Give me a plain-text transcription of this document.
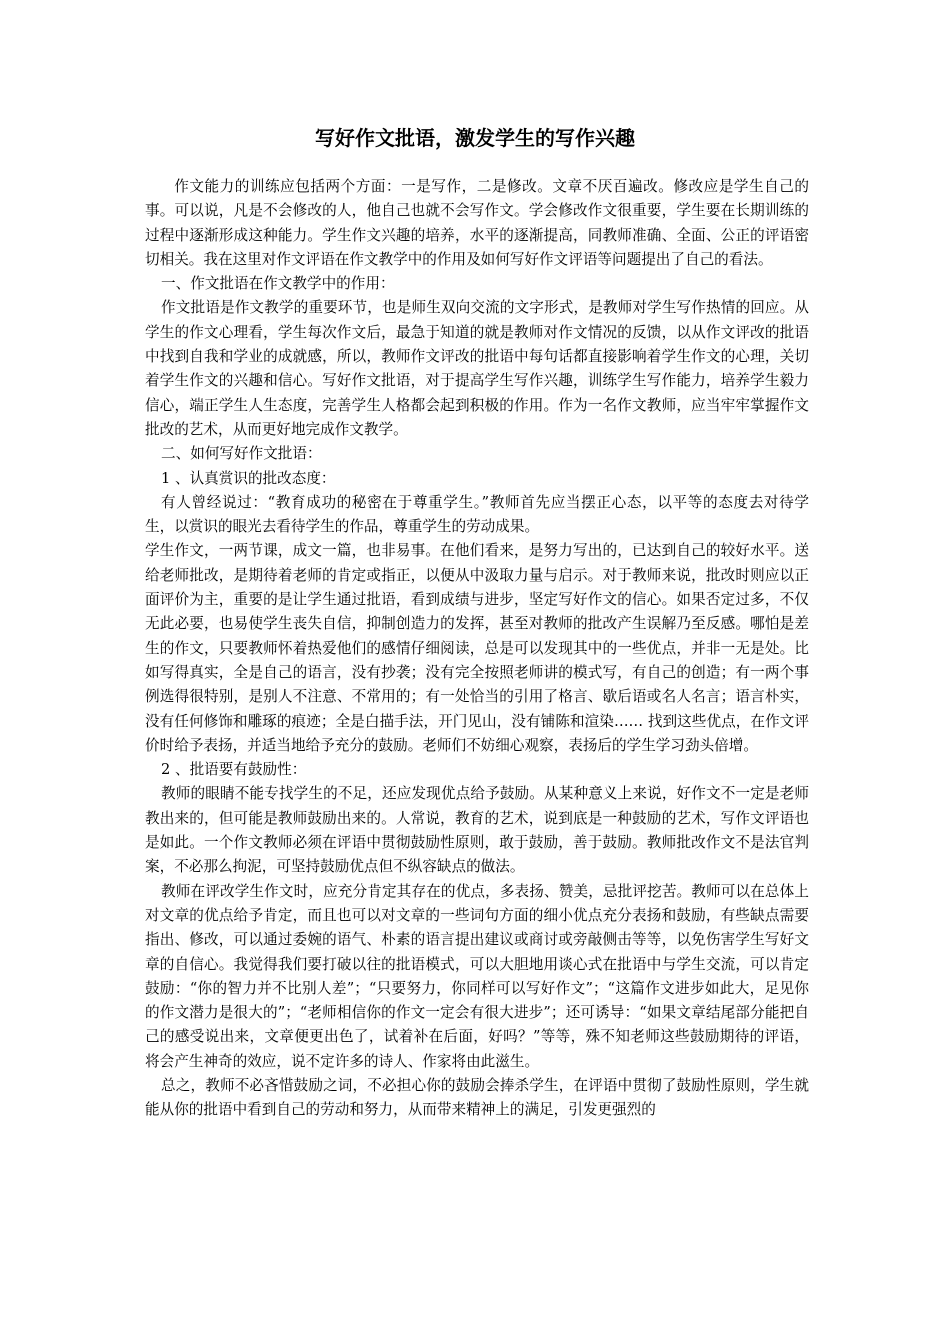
写好作文批语，激发学生的写作兴趣

作文能力的训练应包括两个方面：一是写作，二是修改。文章不厌百遍改。修改应是学生自己的事。可以说，凡是不会修改的人，他自己也就不会写作文。学会修改作文很重要，学生要在长期训练的过程中逐渐形成这种能力。学生作文兴趣的培养，水平的逐渐提高，同教师准确、全面、公正的评语密切相关。我在这里对作文评语在作文教学中的作用及如何写好作文评语等问题提出了自己的看法。

一、作文批语在作文教学中的作用：

作文批语是作文教学的重要环节，也是师生双向交流的文字形式，是教师对学生写作热情的回应。从学生的作文心理看，学生每次作文后，最急于知道的就是教师对作文情况的反馈，以从作文评改的批语中找到自我和学业的成就感，所以，教师作文评改的批语中每句话都直接影响着学生作文的心理，关切着学生作文的兴趣和信心。写好作文批语，对于提高学生写作兴趣，训练学生写作能力，培养学生毅力信心，端正学生人生态度，完善学生人格都会起到积极的作用。作为一名作文教师，应当牢牢掌握作文批改的艺术，从而更好地完成作文教学。

二、如何写好作文批语：

1 、认真赏识的批改态度：

有人曾经说过：“教育成功的秘密在于尊重学生。”教师首先应当摆正心态，以平等的态度去对待学生，以赏识的眼光去看待学生的作品，尊重学生的劳动成果。

学生作文，一两节课，成文一篇，也非易事。在他们看来，是努力写出的，已达到自己的较好水平。送给老师批改，是期待着老师的肯定或指正，以便从中汲取力量与启示。对于教师来说，批改时则应以正面评价为主，重要的是让学生通过批语，看到成绩与进步，坚定写好作文的信心。如果否定过多，不仅无此必要，也易使学生丧失自信，抑制创造力的发挥，甚至对教师的批改产生误解乃至反感。哪怕是差生的作文，只要教师怀着热爱他们的感情仔细阅读，总是可以发现其中的一些优点，并非一无是处。比如写得真实，全是自己的语言，没有抄袭；没有完全按照老师讲的模式写，有自己的创造；有一两个事例选得很特别，是别人不注意、不常用的；有一处恰当的引用了格言、歇后语或名人名言；语言朴实，没有任何修饰和雕琢的痕迹；全是白描手法，开门见山，没有铺陈和渲染…… 找到这些优点，在作文评价时给予表扬，并适当地给予充分的鼓励。老师们不妨细心观察，表扬后的学生学习劲头倍增。

2 、批语要有鼓励性：

教师的眼睛不能专找学生的不足，还应发现优点给予鼓励。从某种意义上来说，好作文不一定是老师教出来的，但可能是教师鼓励出来的。人常说，教育的艺术，说到底是一种鼓励的艺术，写作文评语也是如此。一个作文教师必须在评语中贯彻鼓励性原则，敢于鼓励，善于鼓励。教师批改作文不是法官判案，不必那么拘泥，可坚持鼓励优点但不纵容缺点的做法。

教师在评改学生作文时，应充分肯定其存在的优点，多表扬、赞美，忌批评挖苦。教师可以在总体上对文章的优点给予肯定，而且也可以对文章的一些词句方面的细小优点充分表扬和鼓励，有些缺点需要指出、修改，可以通过委婉的语气、朴素的语言提出建议或商讨或旁敲侧击等等，以免伤害学生写好文章的自信心。我觉得我们要打破以往的批语模式，可以大胆地用谈心式在批语中与学生交流，可以肯定鼓励：“你的智力并不比别人差”；“只要努力，你同样可以写好作文”；“这篇作文进步如此大，足见你的作文潜力是很大的”；“老师相信你的作文一定会有很大进步”；还可诱导：“如果文章结尾部分能把自己的感受说出来，文章便更出色了，试着补在后面，好吗？”等等，殊不知老师这些鼓励期待的评语，将会产生神奇的效应，说不定许多的诗人、作家将由此滋生。

总之，教师不必吝惜鼓励之词，不必担心你的鼓励会捧杀学生，在评语中贯彻了鼓励性原则，学生就能从你的批语中看到自己的劳动和努力，从而带来精神上的满足，引发更强烈的
